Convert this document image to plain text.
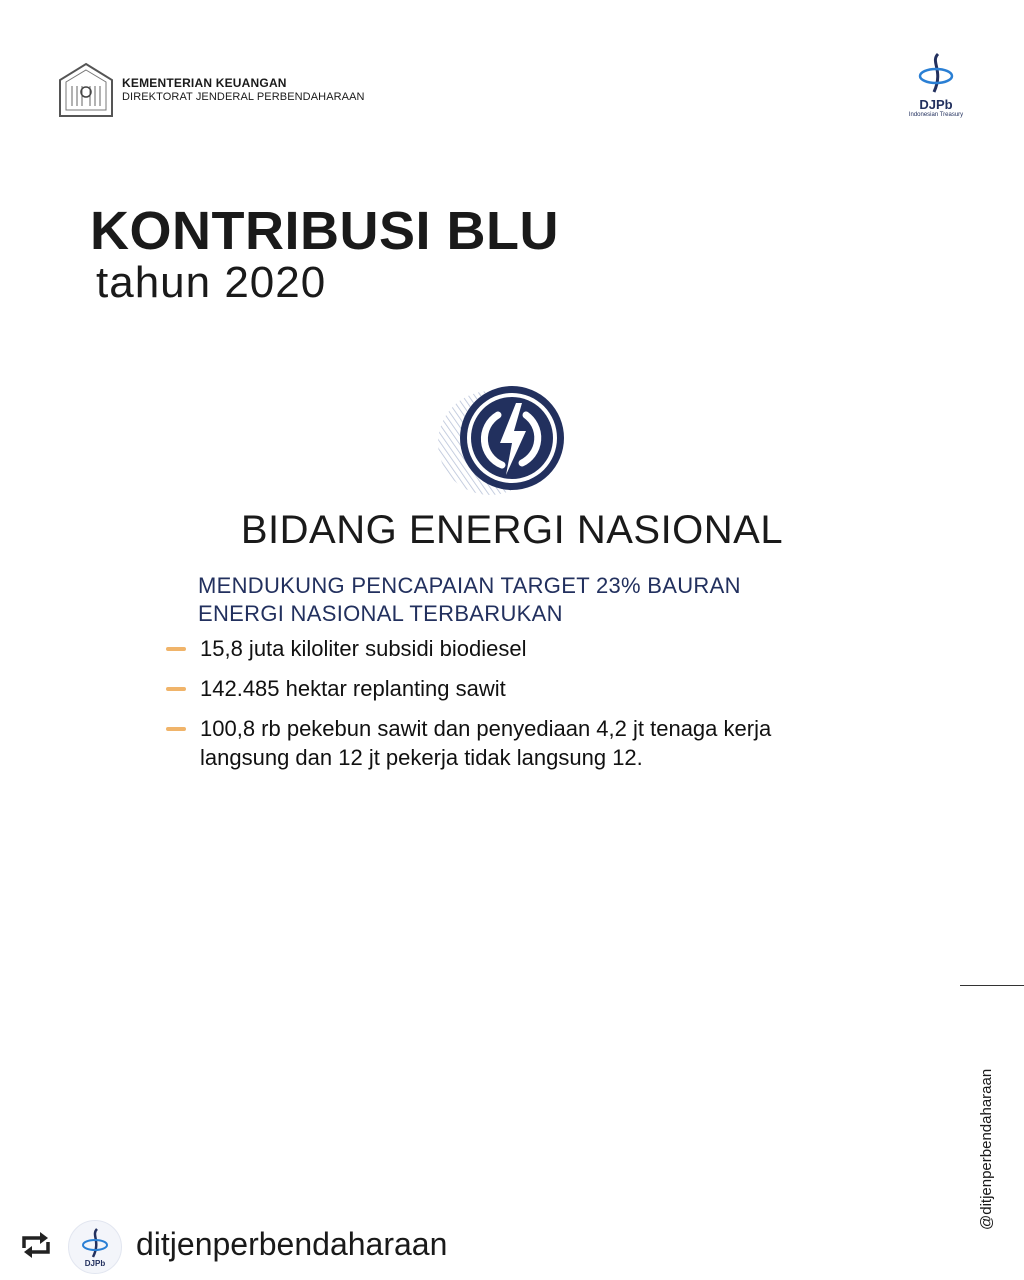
KEMENTERIAN KEUANGAN
DIREKTORAT JENDERAL PERBENDAHARAAN
DJPb
Indonesian Treasury
KONTRIBUSI BLU
tahun 2020
BIDANG ENERGI NASIONAL
MENDUKUNG PENCAPAIAN TARGET 23% BAURAN
ENERGI NASIONAL TERBARUKAN
15,8 juta kiloliter subsidi biodiesel
142.485 hektar replanting sawit
100,8 rb pekebun sawit dan penyediaan 4,2 jt tenaga kerja langsung dan 12 jt pekerja tidak langsung 12.
@ditjenperbendaharaan
DJPb
ditjenperbendaharaan
